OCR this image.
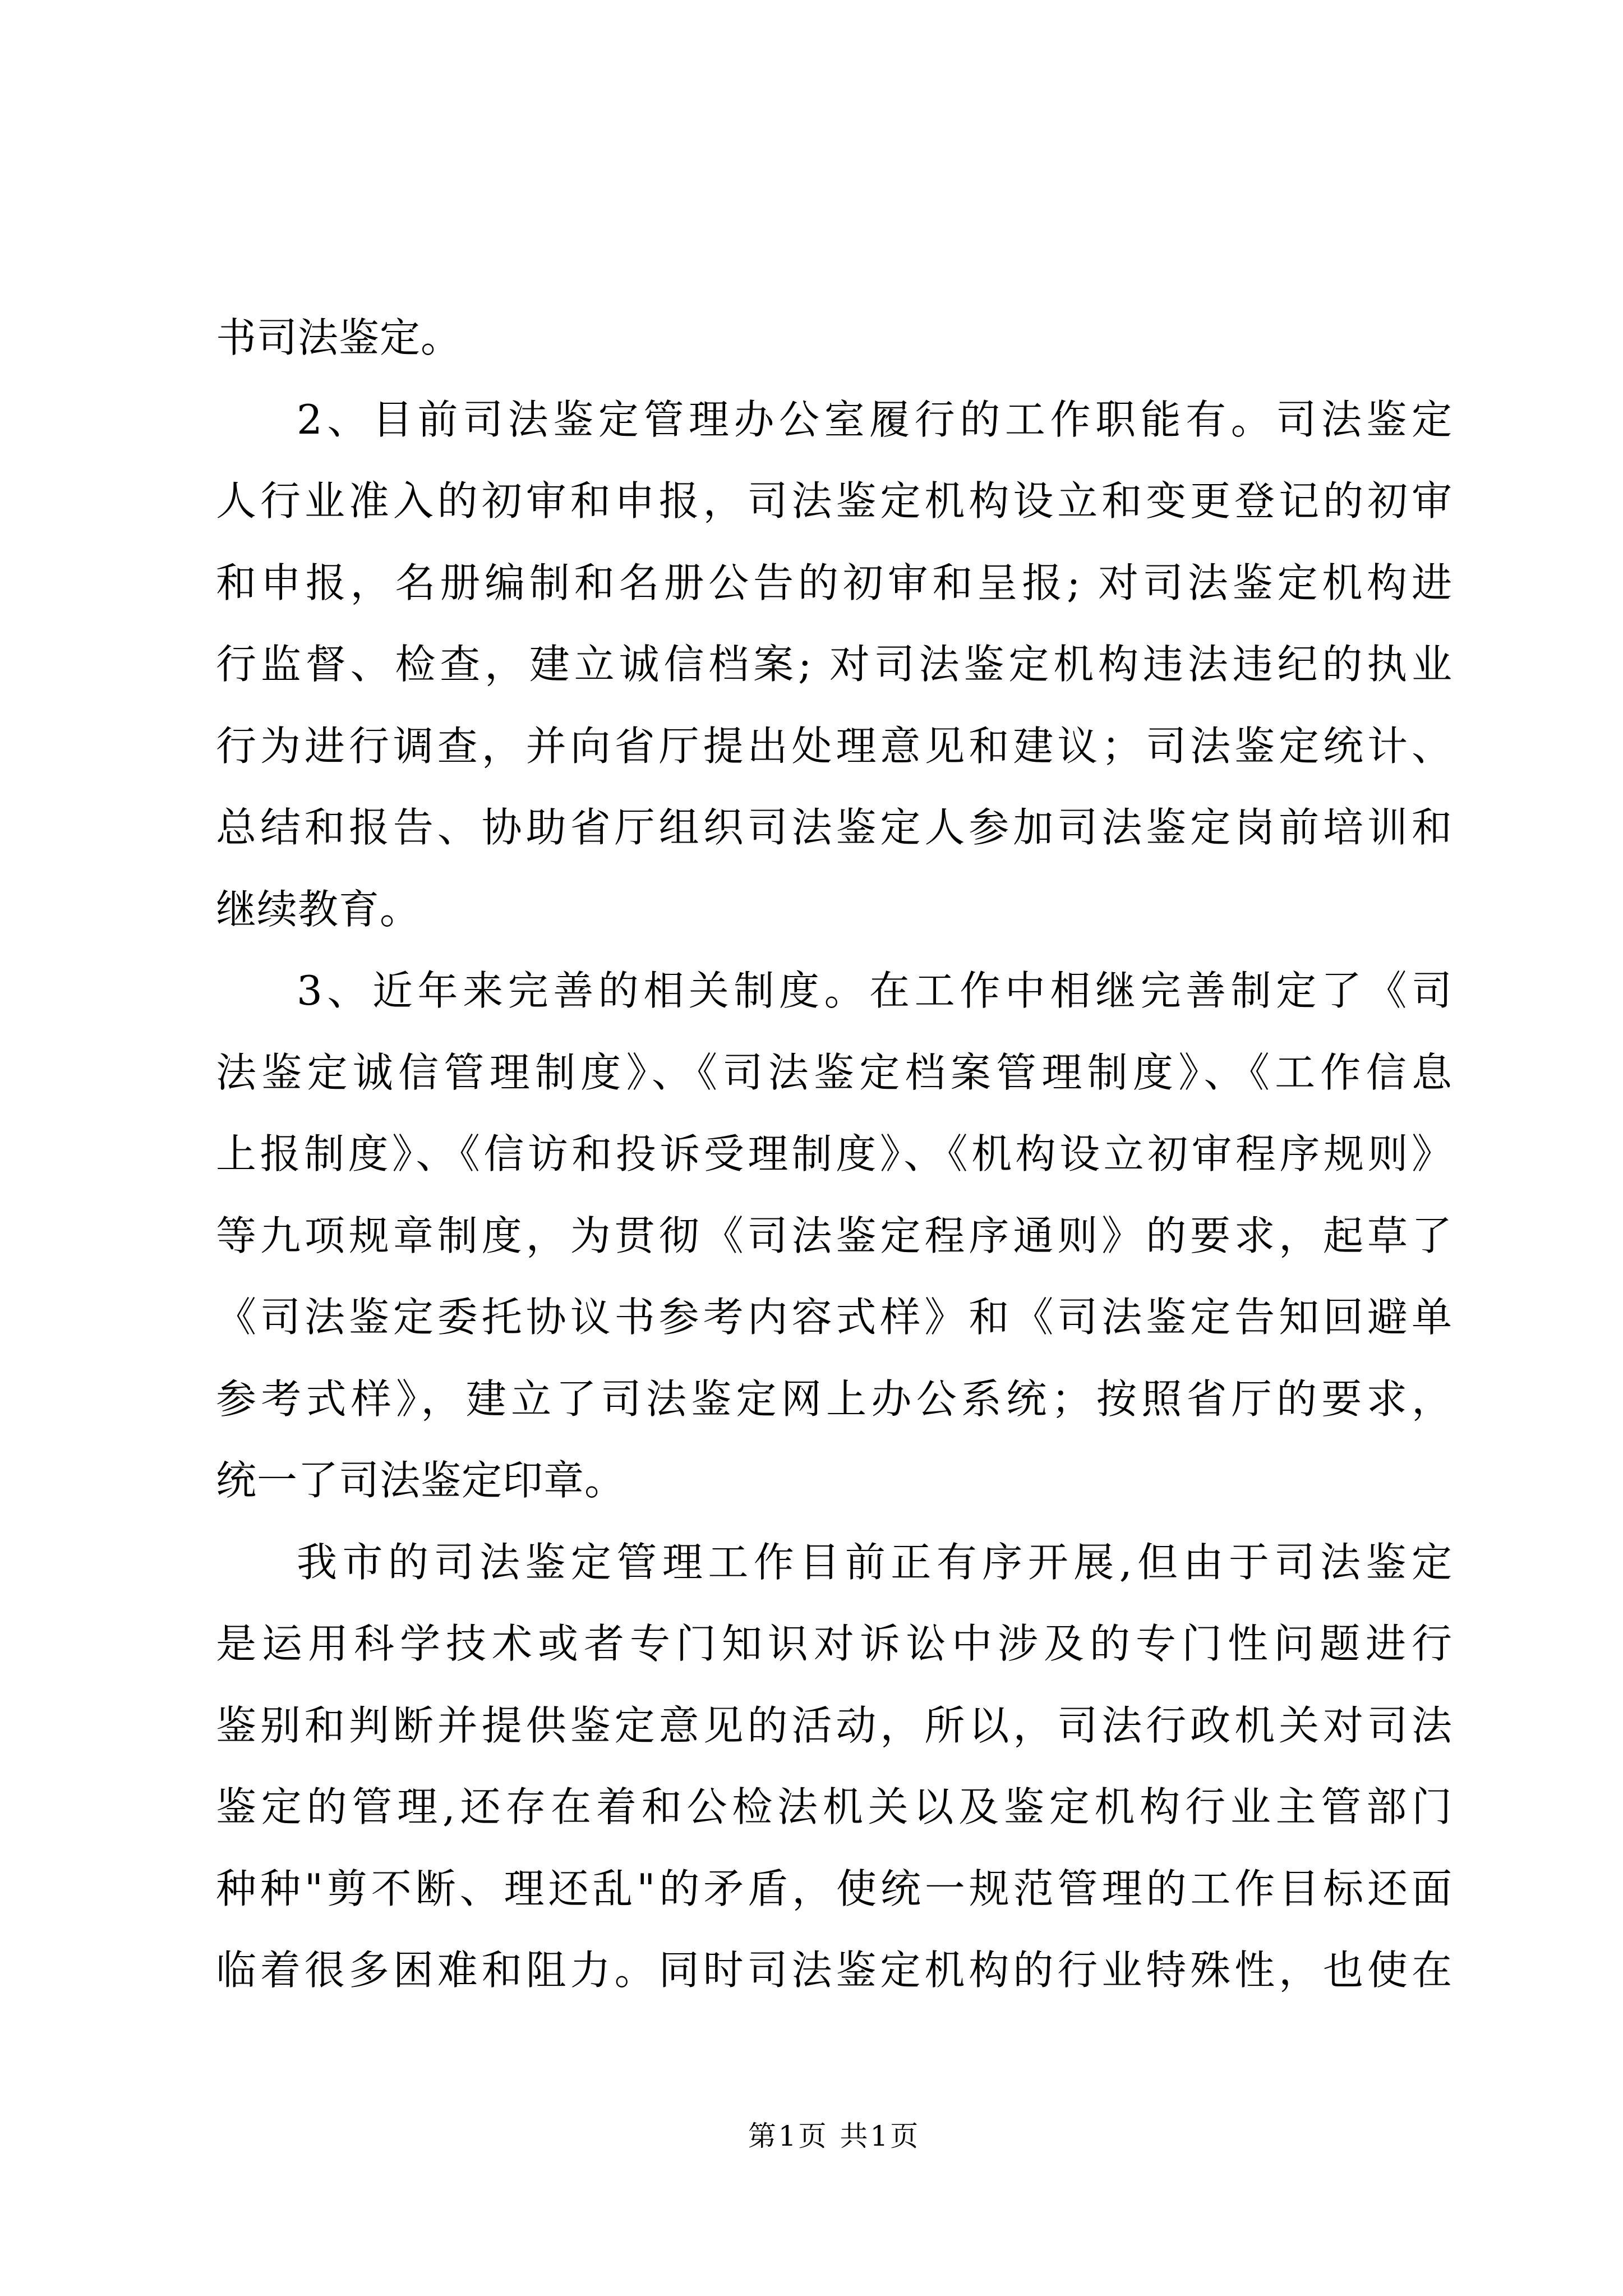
书司法鉴定。
2、目前司法鉴定管理办公室履行的工作职能有。司法鉴定
人行业准入的初审和申报，司法鉴定机构设立和变更登记的初审
和申报，名册编制和名册公告的初审和呈报; 对司法鉴定机构进
行监督、检查，建立诚信档案; 对司法鉴定机构违法违纪的执业
行为进行调查，并向省厅提出处理意见和建议；司法鉴定统计、
总结和报告、协助省厅组织司法鉴定人参加司法鉴定岗前培训和
继续教育。
3、近年来完善的相关制度。在工作中相继完善制定了《司
法鉴定诚信管理制度》、《司法鉴定档案管理制度》、《工作信息
上报制度》、《信访和投诉受理制度》、《机构设立初审程序规则》
等九项规章制度，为贯彻《司法鉴定程序通则》的要求，起草了
《司法鉴定委托协议书参考内容式样》和《司法鉴定告知回避单
参考式样》，建立了司法鉴定网上办公系统；按照省厅的要求，
统一了司法鉴定印章。
我市的司法鉴定管理工作目前正有序开展,但由于司法鉴定
是运用科学技术或者专门知识对诉讼中涉及的专门性问题进行
鉴别和判断并提供鉴定意见的活动，所以，司法行政机关对司法
鉴定的管理,还存在着和公检法机关以及鉴定机构行业主管部门
种种"剪不断、理还乱"的矛盾，使统一规范管理的工作目标还面
临着很多困难和阻力。同时司法鉴定机构的行业特殊性，也使在
第1页 共1页
